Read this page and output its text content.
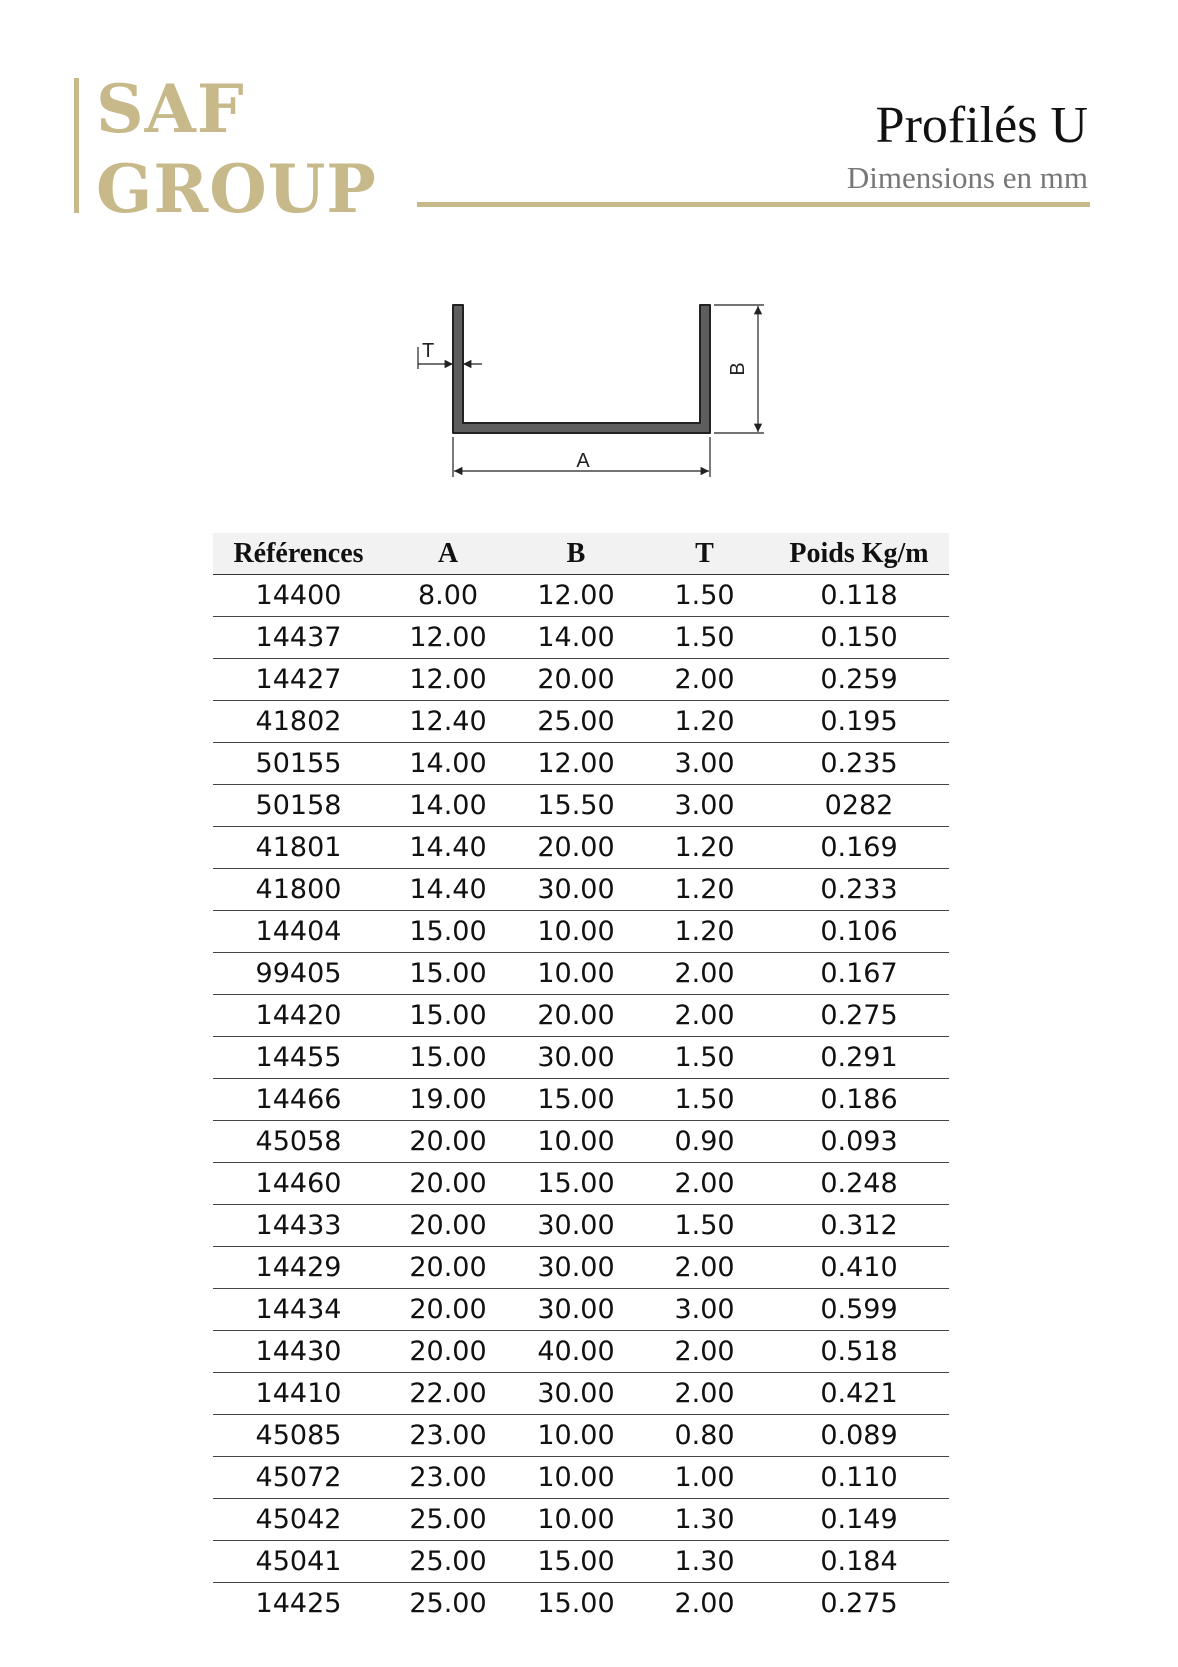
SAF
GROUP
Profilés U
Dimensions en mm
A
B
T
Références	A	B	T	Poids Kg/m
14400	8.00	12.00	1.50	0.118
14437	12.00	14.00	1.50	0.150
14427	12.00	20.00	2.00	0.259
41802	12.40	25.00	1.20	0.195
50155	14.00	12.00	3.00	0.235
50158	14.00	15.50	3.00	0282
41801	14.40	20.00	1.20	0.169
41800	14.40	30.00	1.20	0.233
14404	15.00	10.00	1.20	0.106
99405	15.00	10.00	2.00	0.167
14420	15.00	20.00	2.00	0.275
14455	15.00	30.00	1.50	0.291
14466	19.00	15.00	1.50	0.186
45058	20.00	10.00	0.90	0.093
14460	20.00	15.00	2.00	0.248
14433	20.00	30.00	1.50	0.312
14429	20.00	30.00	2.00	0.410
14434	20.00	30.00	3.00	0.599
14430	20.00	40.00	2.00	0.518
14410	22.00	30.00	2.00	0.421
45085	23.00	10.00	0.80	0.089
45072	23.00	10.00	1.00	0.110
45042	25.00	10.00	1.30	0.149
45041	25.00	15.00	1.30	0.184
14425	25.00	15.00	2.00	0.275
